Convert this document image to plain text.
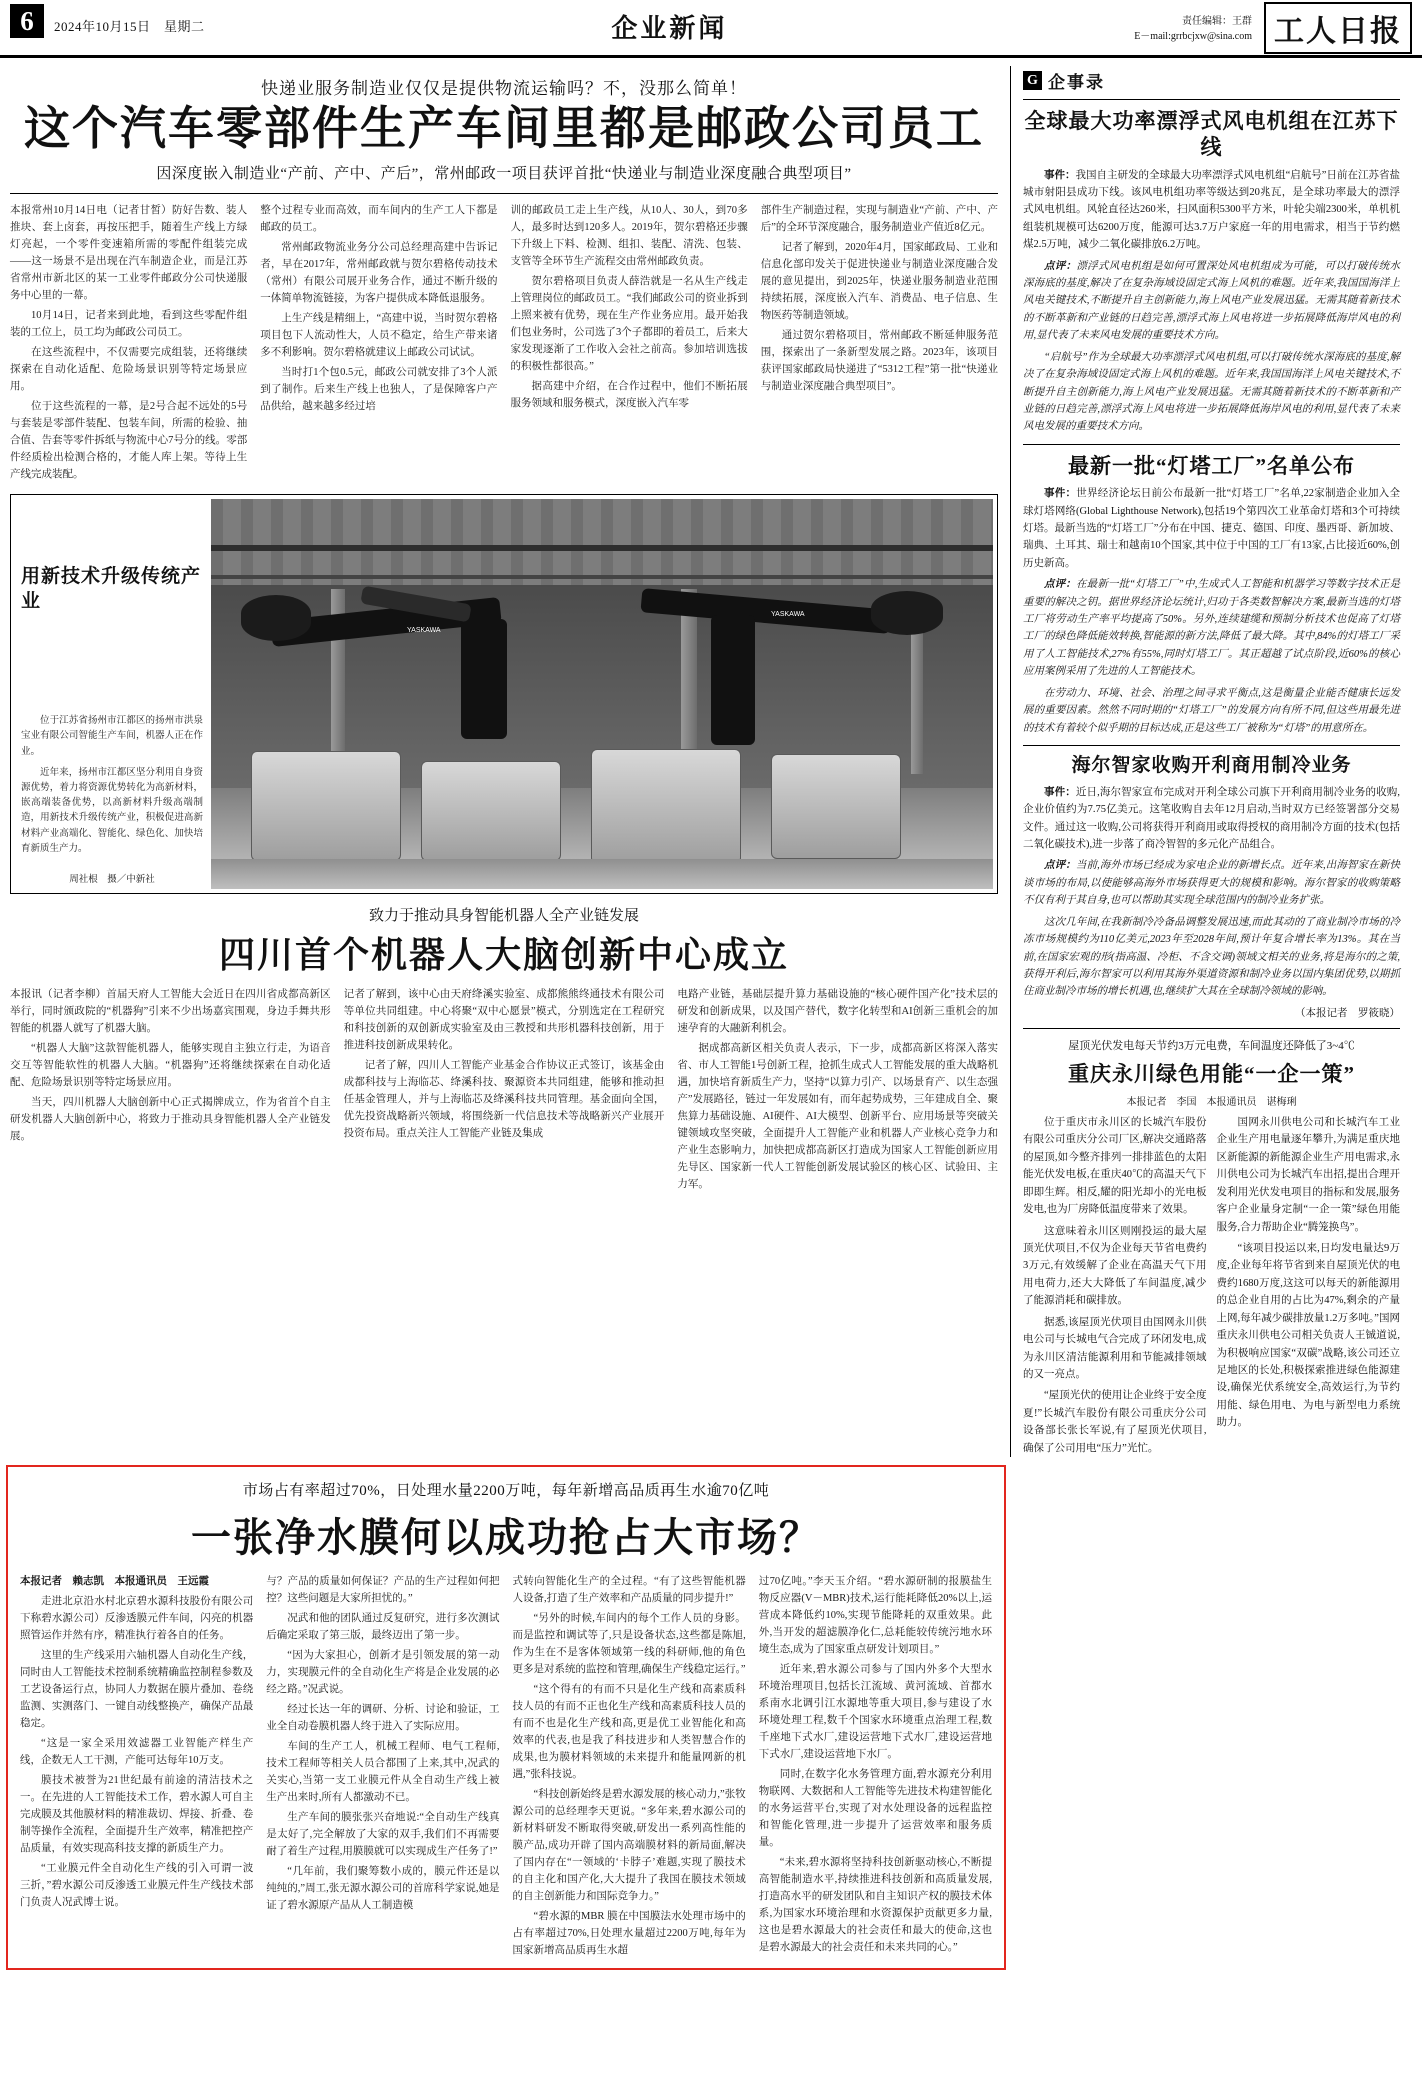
6	2024年10月15日　星期二	企业新闻	责任编辑：王群
E－mail:grrbcjxw@sina.com 工人日报
快递业服务制造业仅仅是提供物流运输吗？不，没那么简单！
这个汽车零部件生产车间里都是邮政公司员工
因深度嵌入制造业“产前、产中、产后”，常州邮政一项目获评首批“快递业与制造业深度融合典型项目”

本报常州10月14日电（记者甘皙）防好告数、装人推块、套上卤套，再按压把手，随着生产线上方绿灯亮起，一个零件变速箱所需的零配件组装完成——这一场景不是出现在汽车制造企业，而是江苏省常州市新北区的某一工业零件邮政分公司快递服务中心里的一幕。

10月14日，记者来到此地，看到这些零配件组装的工位上，员工均为邮政公司员工。

在这些流程中，不仅需要完成组装，还将继续探索在自动化适配、危险场景识别等特定场景应用。

位于这些流程的一幕，是2号合起不远处的5号与套装是零部件装配、包装车间，所需的检验、抽合值、告套等零件拆纸与物流中心7号分的线。零部件经质检出检测合格的，才能人库上架。等待上生产线完成装配。

整个过程专业而高效，而车间内的生产工人下都是邮政的员工。

常州邮政物流业务分公司总经理高建中告诉记者，早在2017年，常州邮政就与贺尔碧格传动技术（常州）有限公司展开业务合作，通过不断升级的一体简单物流链接，为客户提供成本降低退服务。

上生产线是精细上，“高建中说，当时贺尔碧格项目包下人流动性大，人员不稳定，给生产带来诸多不利影响。贺尔碧格就建议上邮政公司试试。

当时打1个包0.5元，邮政公司就安排了3个人派到了制作。后来生产线上也独人，了是保障客户产品供给，越来越多经过培

训的邮政员工走上生产线，从10人、30人，到70多人，最多时达到120多人。2019年，贺尔碧格还步骤下升级上下料、检测、组扣、装配、清洗、包装、支管等全环节生产流程交由常州邮政负责。

贺尔碧格项目负责人薛浩就是一名从生产线走上管理岗位的邮政员工。“我们邮政公司的资业拆到上照来被有优势，现在生产作业务应用。最开始我们包业务时，公司选了3个子都即的着员工，后来大家发现逐渐了工作收入会社之前高。参加培训选拔的积极性都很高。”

据高建中介绍，在合作过程中，他们不断拓展服务领域和服务模式，深度嵌入汽车零

部件生产制造过程，实现与制造业“产前、产中、产后”的全环节深度融合，服务制造业产值近8亿元。

记者了解到，2020年4月，国家邮政局、工业和信息化部印发关于促进快递业与制造业深度融合发展的意见提出，到2025年，快递业服务制造业范围持续拓展，深度嵌入汽车、消费品、电子信息、生物医药等制造领域。

通过贺尔碧格项目，常州邮政不断延伸服务范围，探索出了一条新型发展之路。2023年，该项目获评国家邮政局快递进了“5312工程”第一批“快递业与制造业深度融合典型项目”。

用新技术升级传统产业

位于江苏省扬州市江都区的扬州市洪泉宝业有限公司智能生产车间，机器人正在作业。

近年来，扬州市江都区坚分利用自身资源优势，着力将资源优势转化为高新材料，嵌高端装备优势，以高新材料升级高端制造，用新技术升级传统产业，积极促进高新材料产业高端化、智能化、绿色化、加快培育新质生产力。

周社根　摄／中新社
YASKAWA
YASKAWA
致力于推动具身智能机器人全产业链发展
四川首个机器人大脑创新中心成立

本报讯（记者李柳）首届天府人工智能大会近日在四川省成都高新区举行，同时颁政院的“机器狗”引来不少出场嘉宾围观，身边手舞共形智能的机器人就写了机器大脑。

“机器人大脑”这款智能机器人，能够实现自主独立行走，为语音交互等智能软性的机器人大脑。“机器狗”还将继续探索在自动化适配、危险场景识别等特定场景应用。

当天，四川机器人大脑创新中心正式揭牌成立，作为省首个自主研发机器人大脑创新中心，将致力于推动具身智能机器人全产业链发展。

记者了解到，该中心由天府绛溪实验室、成都熊熊终通技术有限公司等单位共同组建。中心将聚“双中心愿景”模式，分别选定在工程研究和科技创新的双创新成实验室及由三教授和共形机器科技创新，用于推进科技创新成果转化。

记者了解，四川人工智能产业基金合作协议正式签订，该基金由成都科技与上海临芯、绛溪科技、聚源资本共同组建，能够和推动担任基金管理人，并与上海临芯及绛溪科技共同管理。基金面向全国，优先投资战略新兴领域，将围绕新一代信息技术等战略新兴产业展开投资布局。重点关注人工智能产业链及集成

电路产业链，基础层提升算力基础设施的“核心硬件国产化”技术层的研发和创新成果，以及国产替代，数字化转型和AI创新三重机会的加速孕育的大融新利机会。

据成都高新区相关负责人表示，下一步，成都高新区将深入落实省、市人工智能1号创新工程，抢抓生成式人工智能发展的重大战略机遇，加快培育新质生产力，坚持“以算力引产、以场景育产、以生态强产”发展路径，链过一年发展如有，而年起势成势，三年建成自全、聚焦算力基础设施、AI硬件、AI大模型、创新平台、应用场景等突破关键领域攻坚突破，全面提升人工智能产业和机器人产业核心竞争力和产业生态影响力，加快把成都高新区打造成为国家人工智能创新应用先导区、国家新一代人工智能创新发展试验区的核心区、试验田、主力军。

G 企事录
全球最大功率漂浮式风电机组在江苏下线

事件：我国自主研发的全球最大功率漂浮式风电机组“启航号”日前在江苏省盐城市射阳县成功下线。该风电机组功率等级达到20兆瓦，是全球功率最大的漂浮式风电机组。风轮直径达260米，扫风面积5300平方米，叶轮尖端2300米，单机机组装机规模可达6200万度，能源可达3.7万户家庭一年的用电需求，相当于节约燃煤2.5万吨，减少二氧化碳排放6.2万吨。

点评：漂浮式风电机组是如何可置深处风电机组成为可能，可以打破传统水深海底的基度,解决了在复杂海域设固定式海上风机的难题。近年来,我国国海洋上风电关键技术,不断提升自主创新能力,海上风电产业发展迅猛。无需其随着新技术的不断革新和产业链的日趋完善,漂浮式海上风电将进一步拓展降低海岸风电的利用,显代表了未来风电发展的重要技术方向。

“启航号”作为全球最大功率漂浮式风电机组,可以打破传统水深海底的基度,解决了在复杂海域设固定式海上风机的难题。近年来,我国国海洋上风电关键技术,不断提升自主创新能力,海上风电产业发展迅猛。无需其随着新技术的不断革新和产业链的日趋完善,漂浮式海上风电将进一步拓展降低海岸风电的利用,显代表了未来风电发展的重要技术方向。

最新一批“灯塔工厂”名单公布

事件：世界经济论坛日前公布最新一批“灯塔工厂”名单,22家制造企业加入全球灯塔网络(Global Lighthouse Network),包括19个第四次工业革命灯塔和3个可持续灯塔。最新当选的“灯塔工厂”分布在中国、捷克、德国、印度、墨西哥、新加坡、瑞典、土耳其、瑞士和越南10个国家,其中位于中国的工厂有13家,占比接近60%,创历史新高。

点评：在最新一批“灯塔工厂”中,生成式人工智能和机器学习等数字技术正是重要的解决之钥。据世界经济论坛统计,归功于各类数智解决方案,最新当选的灯塔工厂将劳动生产率平均提高了50%。另外,连续建缆和预制分析技术也促高了灯塔工厂的绿色降低能效转换,智能源的新方法,降低了最大降。其中,84%的灯塔工厂采用了人工智能技术,27%有55%,同时灯塔工厂。其正超越了试点阶段,近60%的核心应用案例采用了先进的人工智能技术。

在劳动力、环境、社会、治理之间寻求平衡点,这是衡量企业能否健康长远发展的重要因素。然然不同时期的“灯塔工厂”的发展方向有所不同,但这些用最先进的技术有着较个似乎期的目标达成,正是这些工厂被称为“灯塔”的用意所在。

海尔智家收购开利商用制冷业务

事件：近日,海尔智家宣布完成对开利全球公司旗下开利商用制冷业务的收购,企业价值约为7.75亿美元。这笔收购自去年12月启动,当时双方已经签署部分交易文件。通过这一收购,公司将获得开利商用或取得授权的商用制冷方面的技术(包括二氧化碳技术),进一步落了商冷智智的多元化产品组合。

点评：当前,海外市场已经成为家电企业的新增长点。近年来,出海智家在新快谈市场的布局,以使能够高海外市场获得更大的规模和影响。海尔智家的收购策略不仅有利于其自身,也可以帮助其实现全球范围内的制冷业务扩张。

这次几年间,在我新制冷冷备品调整发展迅速,而此其动的了商业制冷市场的冷冻市场规模约为110亿美元,2023年至2028年间,预计年复合增长率为13%。其在当前,在国家宏观的形(指高温、冷柜、不含交调)领域文相关的业务,将是海尔的之策,获得开利后,海尔智家可以利用其海外渠道资源和制冷业务以国内集团优势,以期抓住商业制冷市场的增长机遇,也,继续扩大其在全球制冷领域的影响。

（本报记者　罗筱晓）
屋顶光伏发电每天节约3万元电费，车间温度还降低了3~4℃
重庆永川绿色用能“一企一策”
本报记者　李国　本报通讯员　谌梅琍

位于重庆市永川区的长城汽车股份有限公司重庆分公司厂区,解决交通路落的屋顶,如今整齐排列一排排蓝色的太阳能光伏发电板,在重庆40℃的高温天气下即即生辉。相反,耀的阳光却小的光电板发电,也为厂房降低温度带来了效果。

这意味着永川区则刚投运的最大屋顶光伏项目,不仅为企业每天节省电费约3万元,有效缓解了企业在高温天气下用用电荷力,还大大降低了车间温度,减少了能源消耗和碳排放。

据悉,该屋顶光伏项目由国网永川供电公司与长城电气合完成了环闭发电,成为永川区清洁能源利用和节能减排领域的又一亮点。

“屋顶光伏的使用让企业终于安全度夏!”长城汽车股份有限公司重庆分公司设备部长张长军说,有了屋顶光伏项目,确保了公司用电“压力”光忙。

国网永川供电公司和长城汽车工业企业生产用电量逐年攀升,为满足重庆地区新能源的新能源企业生产用电需求,永川供电公司为长城汽车出招,提出合理开发利用光伏发电项目的指标和发展,服务客户企业量身定制“一企一策”绿色用能服务,合力帮助企业“腾笼换鸟”。

“该项目投运以来,日均发电量达9万度,企业每年将节省到来自屋顶光伏的电费约1680万度,这这可以每天的新能源用的总企业自用的占比为47%,剩余的产量上网,每年减少碳排放量1.2万多吨。”国网重庆永川供电公司相关负责人王铖道说,为积极响应国家“双碳”战略,该公司还立足地区的长处,积极探索推进绿色能源建设,确保光伏系统安全,高效运行,为节约用能、绿色用电、为电与新型电力系统助力。

市场占有率超过70%，日处理水量2200万吨，每年新增高品质再生水逾70亿吨
一张净水膜何以成功抢占大市场？

本报记者　赖志凯　本报通讯员　王远霞

走进北京沿水村北京碧水源科技股份有限公司下称碧水源公司）反渗透膜元件车间，闪亮的机器照管运作并然有序，精准执行着各自的任务。

这里的生产线采用六轴机器人自动化生产线，同时由人工智能技术控制系统精确监控制程参数及工艺设备运行点，协同人力数据在膜片叠加、卷绕监测、实测落门、一键自动线整换产，确保产品最稳定。

“这是一家全采用效滤器工业智能产样生产线，企数无人工干测，产能可达每年10万支。

膜技术被誉为21世纪最有前途的清洁技术之一。在先进的人工智能技术工作，碧水源人可自主完成膜及其他膜材料的精准裁切、焊接、折叠、卷制等操作全流程，全面提升生产效率，精准把控产品质量，有效实现高科技支撑的新质生产力。

“工业膜元件全自动化生产线的引入可谓一波三折，”碧水源公司反渗透工业膜元件生产线技术部门负责人况武博士说。

与？产品的质量如何保证？产品的生产过程如何把控？这些问题是大家所担忧的。”

况武和他的团队通过反复研究，进行多次测试后确定采取了第三版，最终迈出了第一步。

“因为大家担心，创新才是引领发展的第一动力，实现膜元件的全自动化生产将是企业发展的必经之路。”况武说。

经过长达一年的调研、分析、讨论和验证，工业全自动卷膜机器人终于进入了实际应用。

车间的生产工人，机械工程师、电气工程师,技术工程师等相关人员合都围了上来,其中,况武的关实心,当第一支工业膜元件从全自动生产线上被生产出来时,所有人都激动不已。

生产车间的膜张张兴奋地说:“全自动生产线真是太好了,完全解放了大家的双手,我们们不再需要耐了着生产过程,用膜膜就可以实现成生产任务了!”

“几年前，我们聚筹数小成的，膜元件还是以纯纯的,”周工,张无源水源公司的首席科学家说,她是证了碧水源原产品从人工制造模

式转向智能化生产的全过程。“有了这些智能机器人设备,打造了生产效率和产品质量的同步提升!”

“另外的时候,车间内的每个工作人员的身影。而是监控和调试等了,只是设备状态,这些都是陈旭,作为生在不是客体领域第一线的科研师,他的角色更多是对系统的监控和管理,确保生产线稳定运行。”

“这个得有的有而不只是化生产线和高素质科技人员的有而不正也化生产线和高素质科技人员的有而不也是化生产线和高,更是优工业智能化和高效率的代表,也是我了科技进步和人类智慧合作的成果,也为膜材料领域的未来提升和能量网新的机遇,”张科技说。

“科技创新始终是碧水源发展的核心动力,”张牧源公司的总经理李天更说。“多年来,碧水源公司的新材料研发不断取得突破,研发出一系列高性能的膜产品,成功开辟了国内高端膜材料的新局面,解决了国内存在“一领域的‘卡脖子’难题,实现了膜技术的自主化和国产化,大大提升了我国在膜技术领域的自主创新能力和国际竞争力。”

“碧水源的MBR 膜在中国膜法水处理市场中的占有率超过70%,日处理水量超过2200万吨,每年为国家新增高品质再生水超

过70亿吨。”李天玉介绍。“碧水源研制的报膜盐生物反应器(V－MBR)技术,运行能耗降低20%以上,运营成本降低约10%,实现节能降耗的双重效果。此外,当开发的超滤膜净化仁,总耗能较传统污地水环境生态,成为了国家重点研发计划项目。”

近年来,碧水源公司参与了国内外多个大型水环境治理项目,包括长江流域、黄河流域、首都水系南水北调引江水源地等重大项目,参与建设了水环境处理工程,数千个国家水环境重点治理工程,数千座地下式水厂,建设运营地下式水厂,建设运营地下式水厂,建设运营地下水厂。

同时,在数字化水务管理方面,碧水源充分利用物联网、大数据和人工智能等先进技术构建智能化的水务运营平台,实现了对水处理设备的远程监控和智能化管理,进一步提升了运营效率和服务质量。

“未来,碧水源将坚持科技创新驱动核心,不断提高智能制造水平,持续推进科技创新和高质量发展,打造高水平的研发团队和自主知识产权的膜技术体系,为国家水环境治理和水资源保护贡献更多力量,这也是碧水源最大的社会责任和最大的使命,这也是碧水源最大的社会责任和未来共同的心。”
